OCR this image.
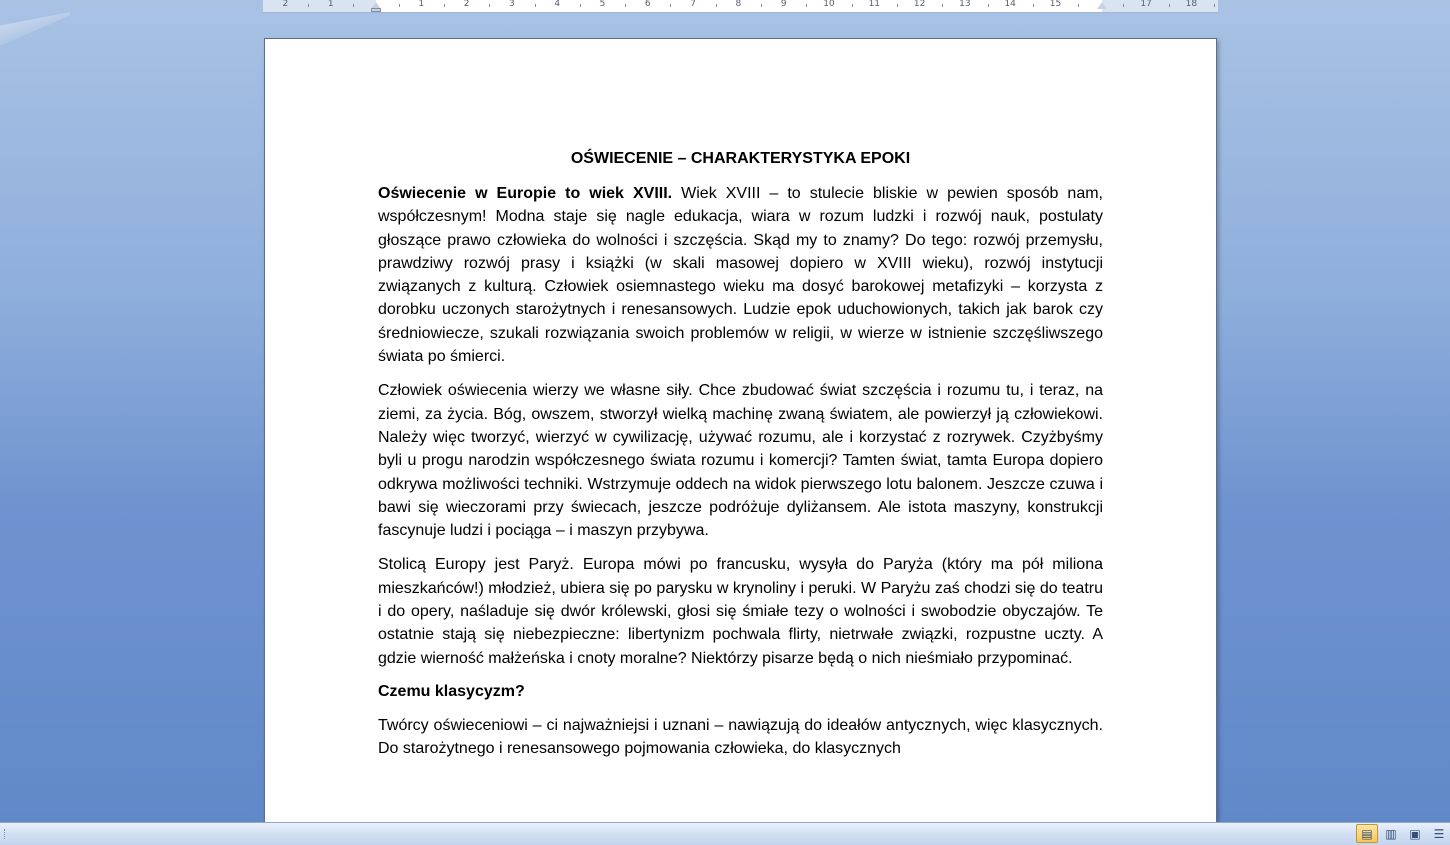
2	1	1	2	3	4	5	6	7	8	9	10	11	12	13	14	15	17	18
OŚWIECENIE – CHARAKTERYSTYKA EPOKI

Oświecenie w Europie to wiek XVIII. Wiek XVIII – to stulecie bliskie w pewien sposób nam, współczesnym! Modna staje się nagle edukacja, wiara w rozum ludzki i rozwój nauk, postulaty głoszące prawo człowieka do wolności i szczęścia. Skąd my to znamy? Do tego: rozwój przemysłu, prawdziwy rozwój prasy i książki (w skali masowej dopiero w XVIII wieku), rozwój instytucji związanych z kulturą. Człowiek osiemnastego wieku ma dosyć barokowej metafizyki – korzysta z dorobku uczonych starożytnych i renesansowych. Ludzie epok uduchowionych, takich jak barok czy średniowiecze, szukali rozwiązania swoich problemów w religii, w wierze w istnienie szczęśliwszego świata po śmierci.

Człowiek oświecenia wierzy we własne siły. Chce zbudować świat szczęścia i rozumu tu, i teraz, na ziemi, za życia. Bóg, owszem, stworzył wielką machinę zwaną światem, ale powierzył ją człowiekowi. Należy więc tworzyć, wierzyć w cywilizację, używać rozumu, ale i korzystać z rozrywek. Czyżbyśmy byli u progu narodzin współczesnego świata rozumu i komercji? Tamten świat, tamta Europa dopiero odkrywa możliwości techniki. Wstrzymuje oddech na widok pierwszego lotu balonem. Jeszcze czuwa i bawi się wieczorami przy świecach, jeszcze podróżuje dyliżansem. Ale istota maszyny, konstrukcji fascynuje ludzi i pociąga – i maszyn przybywa.

Stolicą Europy jest Paryż. Europa mówi po francusku, wysyła do Paryża (który ma pół miliona mieszkańców!) młodzież, ubiera się po parysku w krynoliny i peruki. W Paryżu zaś chodzi się do teatru i do opery, naśladuje się dwór królewski, głosi się śmiałe tezy o wolności i swobodzie obyczajów. Te ostatnie stają się niebezpieczne: libertynizm pochwala flirty, nietrwałe związki, rozpustne uczty. A gdzie wierność małżeńska i cnoty moralne? Niektórzy pisarze będą o nich nieśmiało przypominać.

Czemu klasycyzm?

Twórcy oświeceniowi – ci najważniejsi i uznani – nawiązują do ideałów antycznych, więc klasycznych. Do starożytnego i renesansowego pojmowania człowieka, do klasycznych

▤ ▥ ▣ ☰
